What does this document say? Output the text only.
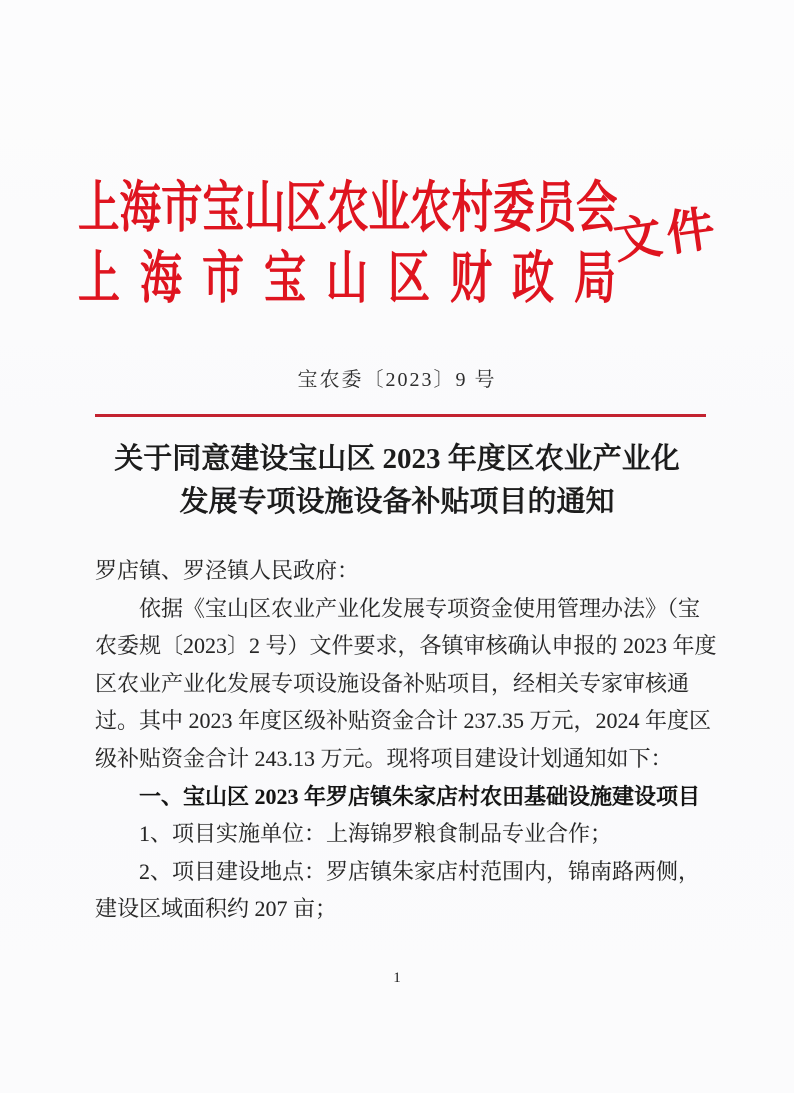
上海市宝山区农业农村委员会
上海市宝山区财政局
文件
宝农委〔2023〕9 号
关于同意建设宝山区 2023 年度区农业产业化
发展专项设施设备补贴项目的通知
罗店镇、罗泾镇人民政府：
依据《宝山区农业产业化发展专项资金使用管理办法》（宝
农委规〔2023〕2 号）文件要求，各镇审核确认申报的 2023 年度
区农业产业化发展专项设施设备补贴项目，经相关专家审核通
过。其中 2023 年度区级补贴资金合计 237.35 万元，2024 年度区
级补贴资金合计 243.13 万元。现将项目建设计划通知如下：
一、宝山区 2023 年罗店镇朱家店村农田基础设施建设项目
1、项目实施单位：上海锦罗粮食制品专业合作；
2、项目建设地点：罗店镇朱家店村范围内，锦南路两侧，
建设区域面积约 207 亩；
1
